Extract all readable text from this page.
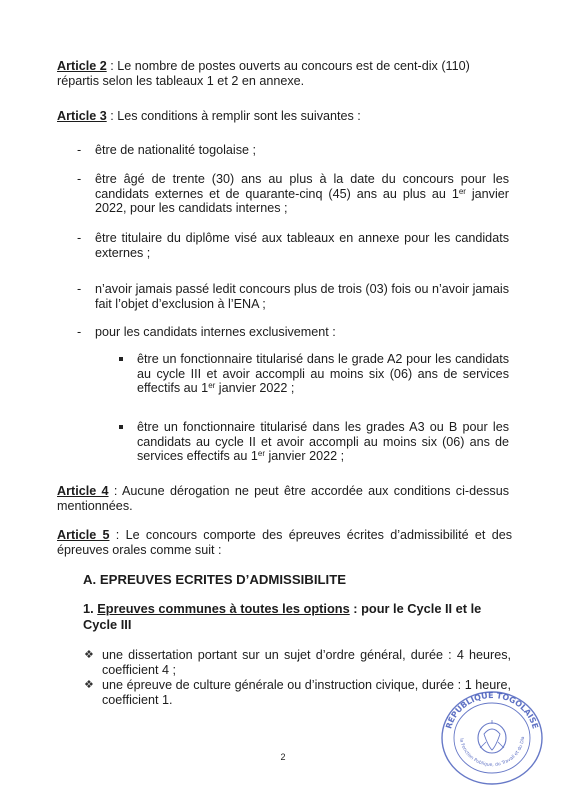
Article 2 : Le nombre de postes ouverts au concours est de cent-dix (110)
répartis selon les tableaux 1 et 2 en annexe.

Article 3 : Les conditions à remplir sont les suivantes :

- être de nationalité togolaise ;

- être âgé de trente (30) ans au plus à la date du concours pour les candidats externes et de quarante-cinq (45) ans au plus au 1er janvier 2022, pour les candidats internes ;

- être titulaire du diplôme visé aux tableaux en annexe pour les candidats externes ;

- n’avoir jamais passé ledit concours plus de trois (03) fois ou n’avoir jamais fait l’objet d’exclusion à l’ENA ;

- pour les candidats internes exclusivement :

être un fonctionnaire titularisé dans le grade A2 pour les candidats au cycle III et avoir accompli au moins six (06) ans de services effectifs au 1er janvier 2022 ;

être un fonctionnaire titularisé dans les grades A3 ou B pour les candidats au cycle II et avoir accompli au moins six (06) ans de services effectifs au 1er janvier 2022 ;

Article 4 : Aucune dérogation ne peut être accordée aux conditions ci-dessus mentionnées.

Article 5 : Le concours comporte des épreuves écrites d’admissibilité et des épreuves orales comme suit :

A. EPREUVES ECRITES D’ADMISSIBILITE

1. Epreuves communes à toutes les options : pour le Cycle II et le Cycle III

❖ une dissertation portant sur un sujet d’ordre général, durée : 4 heures, coefficient 4 ;

❖ une épreuve de culture générale ou d’instruction civique, durée : 1 heure, coefficient 1.

2
RÉPUBLIQUE TOGOLAISE
la Fonction Publique, du Travail et du Dia
